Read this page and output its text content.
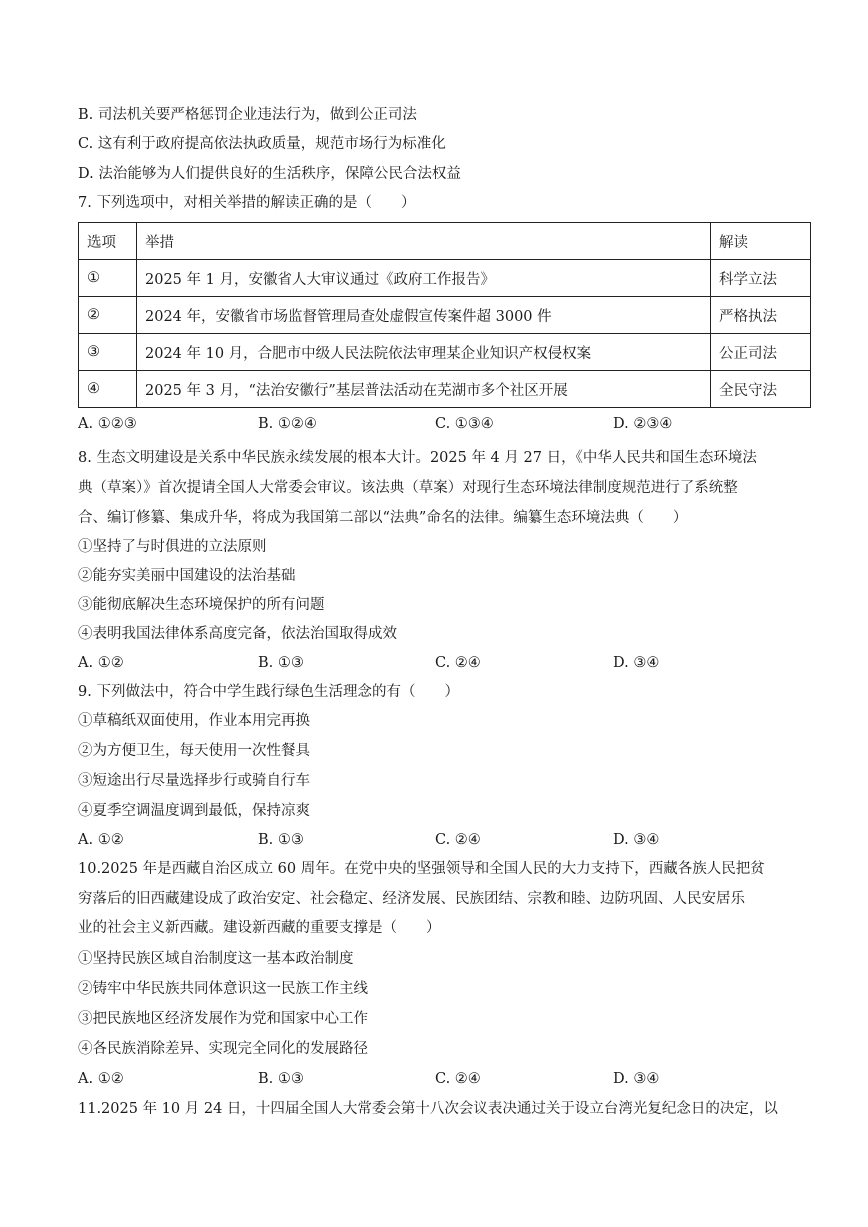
B. 司法机关要严格惩罚企业违法行为，做到公正司法
C. 这有利于政府提高依法执政质量，规范市场行为标准化
D. 法治能够为人们提供良好的生活秩序，保障公民合法权益
7. 下列选项中，对相关举措的解读正确的是（　　）
选项	举措	解读
①	2025 年 1 月，安徽省人大审议通过《政府工作报告》	科学立法
②	2024 年，安徽省市场监督管理局查处虚假宣传案件超 3000 件	严格执法
③	2024 年 10 月，合肥市中级人民法院依法审理某企业知识产权侵权案	公正司法
④	2025 年 3 月，“法治安徽行”基层普法活动在芜湖市多个社区开展	全民守法
A. ①②③	B. ①②④	C. ①③④	D. ②③④
8. 生态文明建设是关系中华民族永续发展的根本大计。2025 年 4 月 27 日，《中华人民共和国生态环境法
典（草案）》首次提请全国人大常委会审议。该法典（草案）对现行生态环境法律制度规范进行了系统整
合、编订修纂、集成升华，将成为我国第二部以“法典”命名的法律。编纂生态环境法典（　　）
①坚持了与时俱进的立法原则
②能夯实美丽中国建设的法治基础
③能彻底解决生态环境保护的所有问题
④表明我国法律体系高度完备，依法治国取得成效
A. ①②	B. ①③	C. ②④	D. ③④
9. 下列做法中，符合中学生践行绿色生活理念的有（　　）
①草稿纸双面使用，作业本用完再换
②为方便卫生，每天使用一次性餐具
③短途出行尽量选择步行或骑自行车
④夏季空调温度调到最低，保持凉爽
A. ①②	B. ①③	C. ②④	D. ③④
10.2025 年是西藏自治区成立 60 周年。在党中央的坚强领导和全国人民的大力支持下，西藏各族人民把贫
穷落后的旧西藏建设成了政治安定、社会稳定、经济发展、民族团结、宗教和睦、边防巩固、人民安居乐
业的社会主义新西藏。建设新西藏的重要支撑是（　　）
①坚持民族区域自治制度这一基本政治制度
②铸牢中华民族共同体意识这一民族工作主线
③把民族地区经济发展作为党和国家中心工作
④各民族消除差异、实现完全同化的发展路径
A. ①②	B. ①③	C. ②④	D. ③④
11.2025 年 10 月 24 日，十四届全国人大常委会第十八次会议表决通过关于设立台湾光复纪念日的决定，以
